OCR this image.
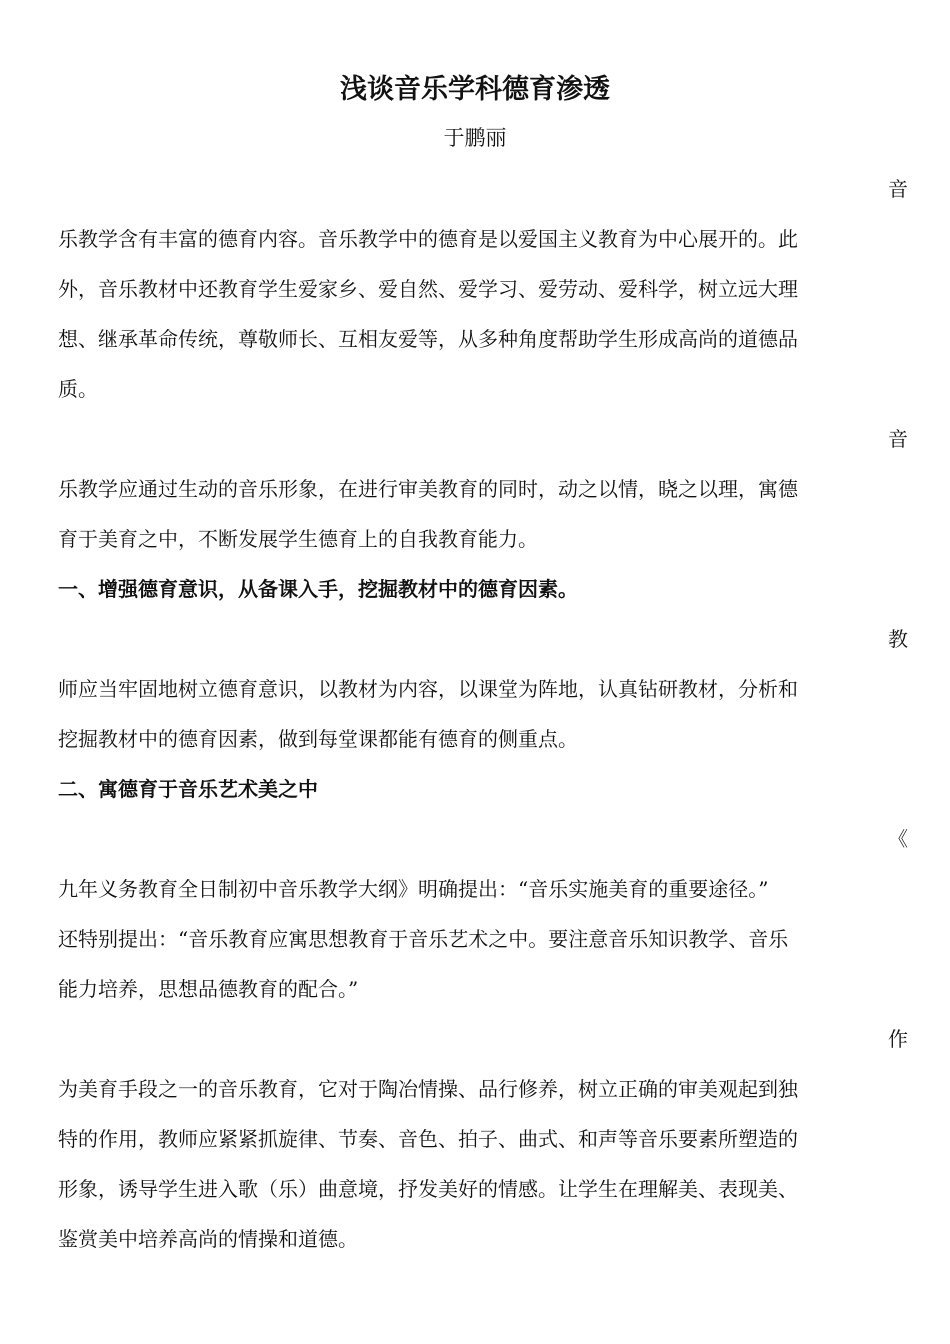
浅谈音乐学科德育渗透
于鹏丽
音
乐教学含有丰富的德育内容。音乐教学中的德育是以爱国主义教育为中心展开的。此
外，音乐教材中还教育学生爱家乡、爱自然、爱学习、爱劳动、爱科学，树立远大理
想、继承革命传统，尊敬师长、互相友爱等，从多种角度帮助学生形成高尚的道德品
质。
音
乐教学应通过生动的音乐形象，在进行审美教育的同时，动之以情，晓之以理，寓德
育于美育之中，不断发展学生德育上的自我教育能力。
一、增强德育意识，从备课入手，挖掘教材中的德育因素。
教
师应当牢固地树立德育意识，以教材为内容，以课堂为阵地，认真钻研教材，分析和
挖掘教材中的德育因素，做到每堂课都能有德育的侧重点。
二、寓德育于音乐艺术美之中
《
九年义务教育全日制初中音乐教学大纲》明确提出：“音乐实施美育的重要途径。”
还特别提出：“音乐教育应寓思想教育于音乐艺术之中。要注意音乐知识教学、音乐
能力培养，思想品德教育的配合。”
作
为美育手段之一的音乐教育，它对于陶冶情操、品行修养，树立正确的审美观起到独
特的作用，教师应紧紧抓旋律、节奏、音色、拍子、曲式、和声等音乐要素所塑造的
形象，诱导学生进入歌（乐）曲意境，抒发美好的情感。让学生在理解美、表现美、
鉴赏美中培养高尚的情操和道德。
